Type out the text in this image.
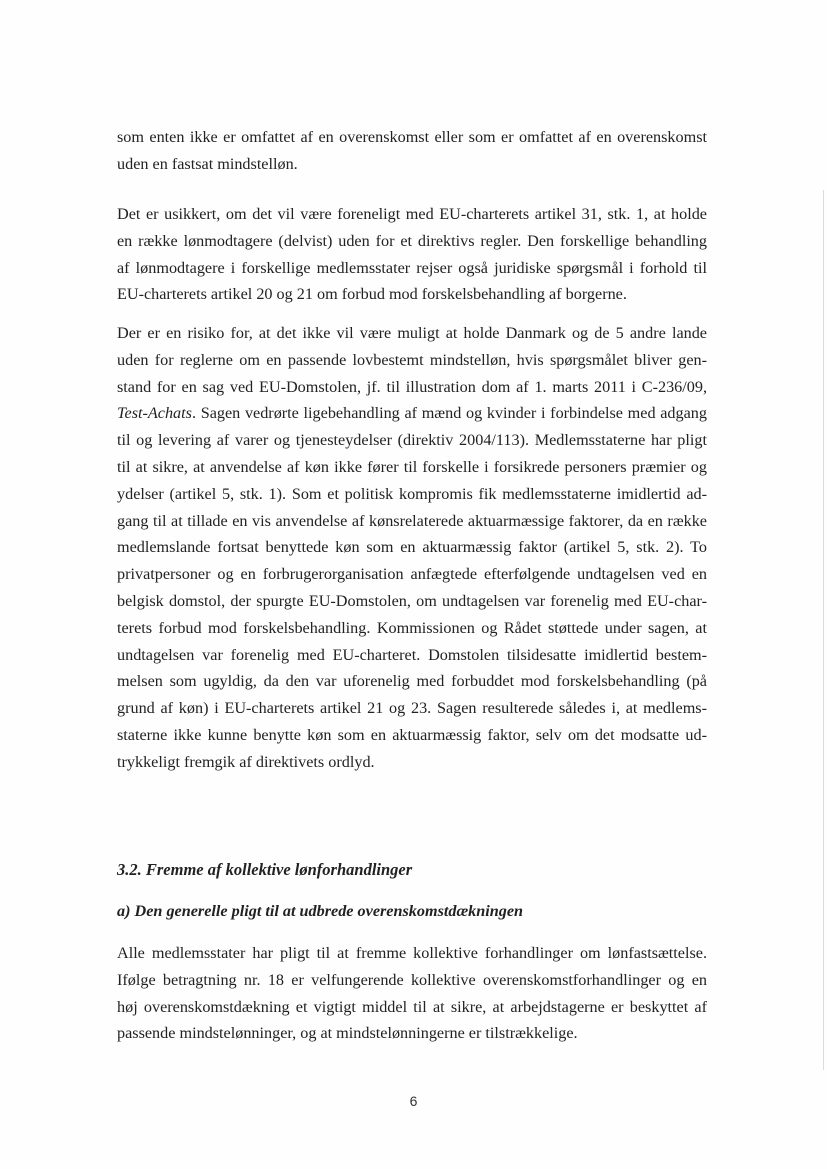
som enten ikke er omfattet af en overenskomst eller som er omfattet af en overenskomst
uden en fastsat mindstelløn.
Det er usikkert, om det vil være foreneligt med EU-charterets artikel 31, stk. 1, at holde
en række lønmodtagere (delvist) uden for et direktivs regler. Den forskellige behandling
af lønmodtagere i forskellige medlemsstater rejser også juridiske spørgsmål i forhold til
EU-charterets artikel 20 og 21 om forbud mod forskelsbehandling af borgerne.
Der er en risiko for, at det ikke vil være muligt at holde Danmark og de 5 andre lande
uden for reglerne om en passende lovbestemt mindstelløn, hvis spørgsmålet bliver gen-
stand for en sag ved EU-Domstolen, jf. til illustration dom af 1. marts 2011 i C-236/09,
Test-Achats. Sagen vedrørte ligebehandling af mænd og kvinder i forbindelse med adgang
til og levering af varer og tjenesteydelser (direktiv 2004/113). Medlemsstaterne har pligt
til at sikre, at anvendelse af køn ikke fører til forskelle i forsikrede personers præmier og
ydelser (artikel 5, stk. 1). Som et politisk kompromis fik medlemsstaterne imidlertid ad-
gang til at tillade en vis anvendelse af kønsrelaterede aktuarmæssige faktorer, da en række
medlemslande fortsat benyttede køn som en aktuarmæssig faktor (artikel 5, stk. 2). To
privatpersoner og en forbrugerorganisation anfægtede efterfølgende undtagelsen ved en
belgisk domstol, der spurgte EU-Domstolen, om undtagelsen var forenelig med EU-char-
terets forbud mod forskelsbehandling. Kommissionen og Rådet støttede under sagen, at
undtagelsen var forenelig med EU-charteret. Domstolen tilsidesatte imidlertid bestem-
melsen som ugyldig, da den var uforenelig med forbuddet mod forskelsbehandling (på
grund af køn) i EU-charterets artikel 21 og 23. Sagen resulterede således i, at medlems-
staterne ikke kunne benytte køn som en aktuarmæssig faktor, selv om det modsatte ud-
trykkeligt fremgik af direktivets ordlyd.
3.2. Fremme af kollektive lønforhandlinger
a) Den generelle pligt til at udbrede overenskomstdækningen
Alle medlemsstater har pligt til at fremme kollektive forhandlinger om lønfastsættelse.
Ifølge betragtning nr. 18 er velfungerende kollektive overenskomstforhandlinger og en
høj overenskomstdækning et vigtigt middel til at sikre, at arbejdstagerne er beskyttet af
passende mindstelønninger, og at mindstelønningerne er tilstrækkelige.
6
